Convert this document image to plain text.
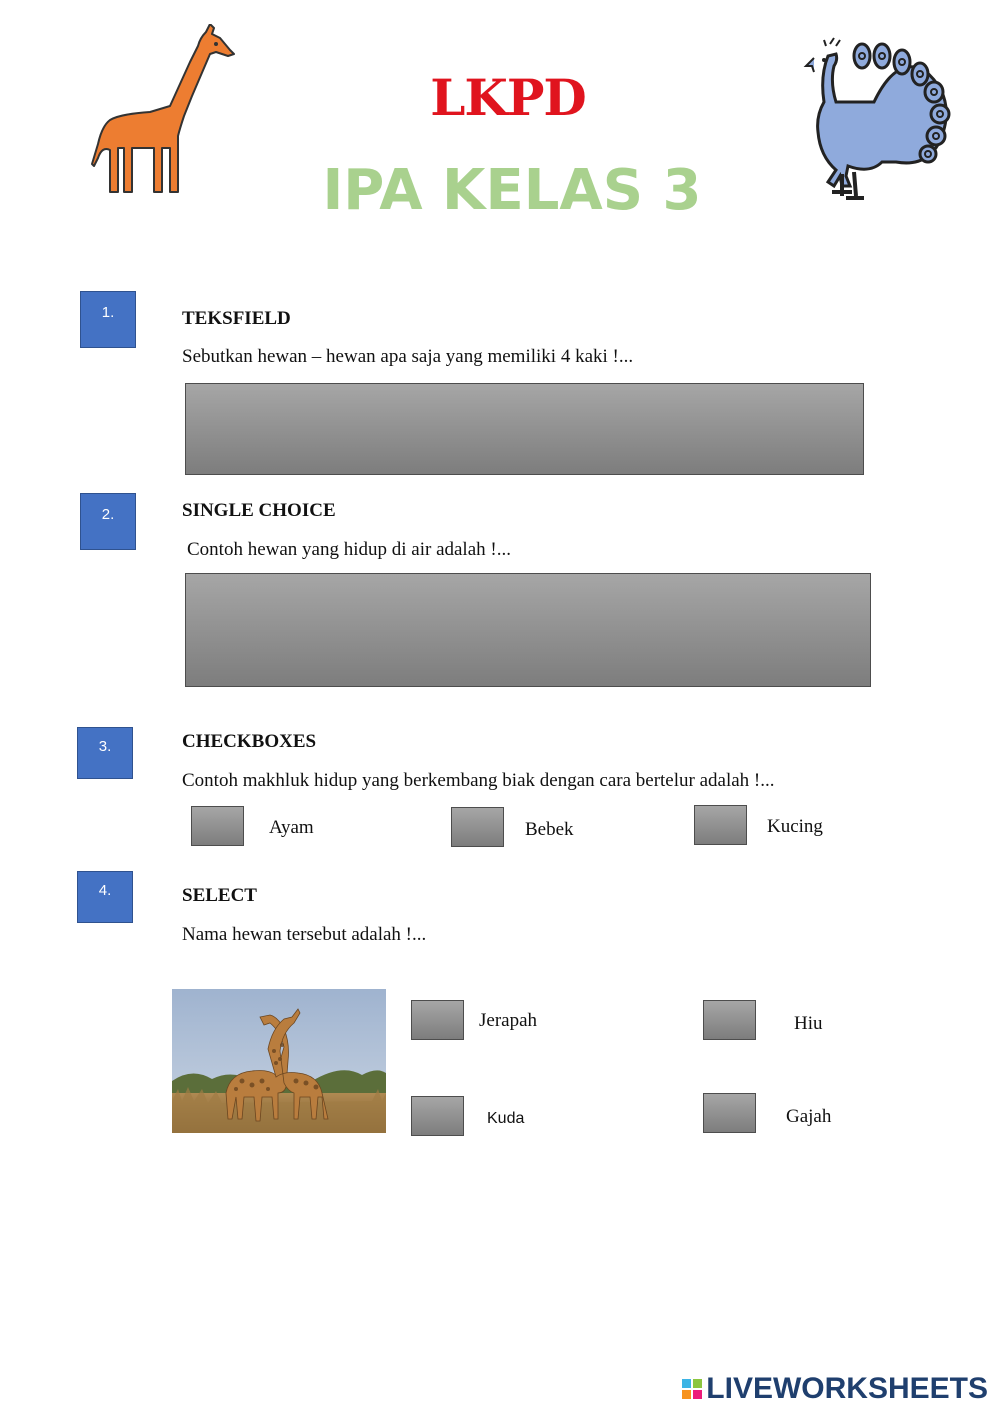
LKPD
IPA KELAS 3
1.	TEKSFIELD
Sebutkan hewan – hewan apa saja yang memiliki 4 kaki !...
2.	SINGLE CHOICE
Contoh hewan yang hidup di air adalah !...
3.	CHECKBOXES
Contoh makhluk hidup yang berkembang biak dengan cara bertelur adalah !...
Ayam	Bebek	Kucing
4.	SELECT
Nama hewan tersebut adalah !...
Jerapah	Hiu
Kuda	Gajah
LIVEWORKSHEETS
